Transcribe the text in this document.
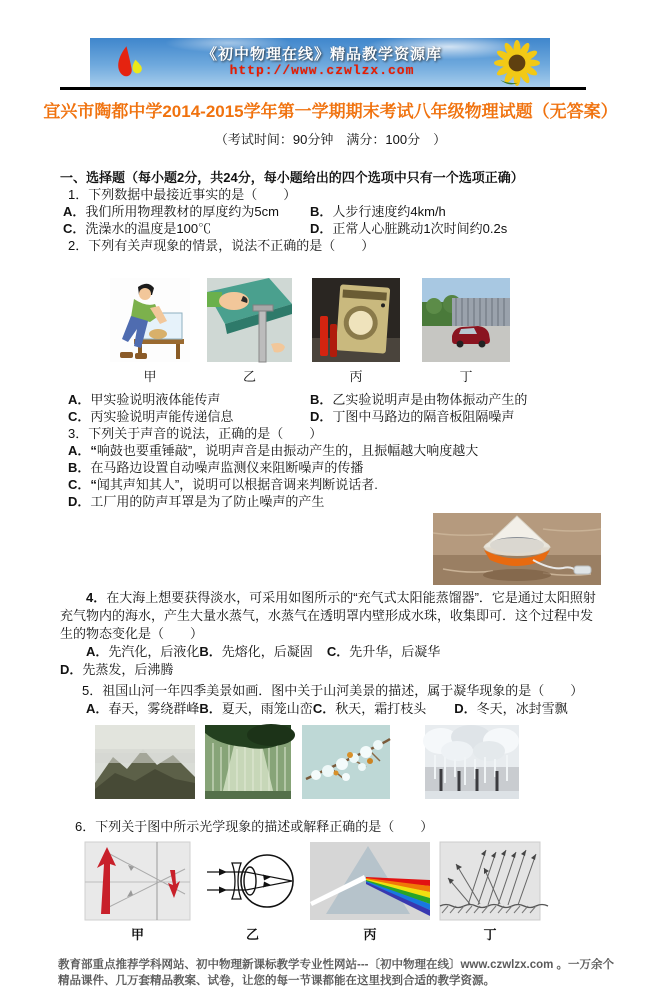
《初中物理在线》精品教学资源库
http://www.czwlzx.com
宜兴市陶都中学2014-2015学年第一学期期末考试八年级物理试题（无答案）
（考试时间：90分钟　满分：100分　）
一、选择题（每小题2分，共24分，每小题给出的四个选项中只有一个选项正确）
1．下列数据中最接近事实的是（　　）
A．我们所用物理教材的厚度约为5cm	B．人步行速度约4km/h
C．洗澡水的温度是100℃	D．正常人心脏跳动1次时间约0.2s
2．下列有关声现象的情景，说法不正确的是（　　）
甲	乙	丙	丁
A．甲实验说明液体能传声	B．乙实验说明声是由物体振动产生的
C．丙实验说明声能传递信息	D．丁图中马路边的隔音板阻隔噪声
3．下列关于声音的说法，正确的是（　　）
A．“响鼓也要重锤敲”，说明声音是由振动产生的，且振幅越大响度越大 B．在马路边设置自动噪声监测仪来阻断噪声的传播 C．“闻其声知其人”，说明可以根据音调来判断说话者. D．工厂用的防声耳罩是为了防止噪声的产生
4．在大海上想要获得淡水，可采用如图所示的“充气式太阳能蒸馏器”．它是通过太阳照射充气物内的海水，产生大量水蒸气，水蒸气在透明罩内壁形成水珠，收集即可．这个过程中发生的物态变化是（　　）
A．先汽化，后液化B．先熔化，后凝固 C．先升华，后凝华
D．先蒸发，后沸腾
5．祖国山河一年四季美景如画．图中关于山河美景的描述，属于凝华现象的是（　　）
A．春天，雾绕群峰B．夏天，雨笼山峦C．秋天，霜打枝头 D．冬天，冰封雪飘
6．下列关于图中所示光学现象的描述或解释正确的是（　　）
甲	乙	丙	丁
教育部重点推荐学科网站、初中物理新课标教学专业性网站---〔初中物理在线〕www.czwlzx.com 。一万余个精品课件、几万套精品教案、试卷，让您的每一节课都能在这里找到合适的教学资源。
